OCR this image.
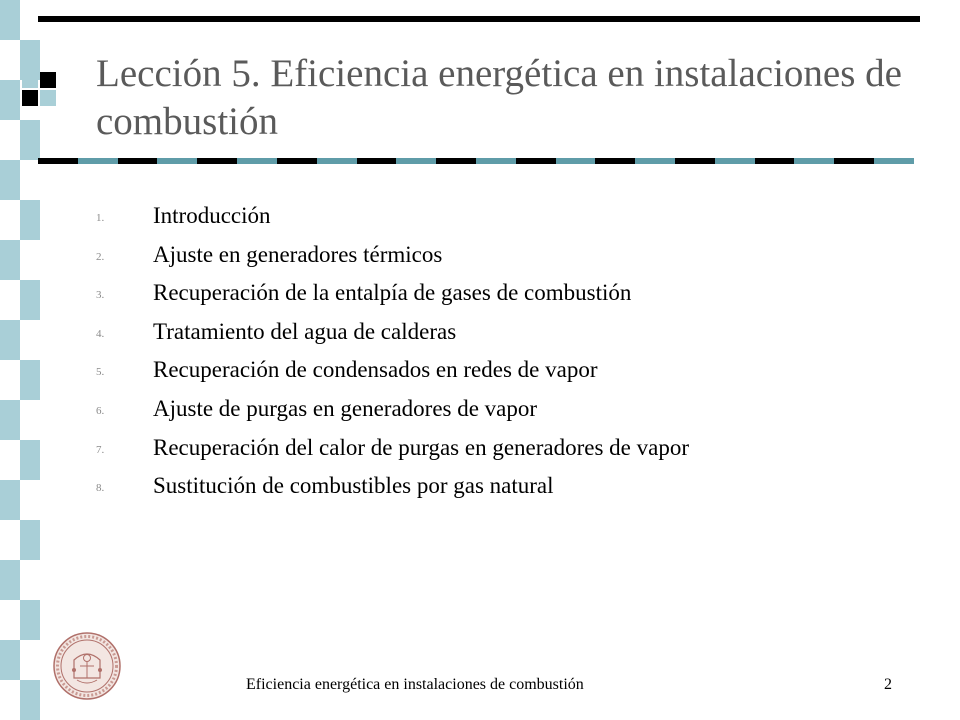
Lección 5. Eficiencia energética en instalaciones de combustión
1. Introducción
2. Ajuste en generadores térmicos
3. Recuperación de la entalpía de gases de combustión
4. Tratamiento del agua de calderas
5. Recuperación de condensados en redes de vapor
6. Ajuste de purgas en generadores de vapor
7. Recuperación del calor de purgas en generadores de vapor
8. Sustitución de combustibles por gas natural
Eficiencia energética en instalaciones de combustión	2
